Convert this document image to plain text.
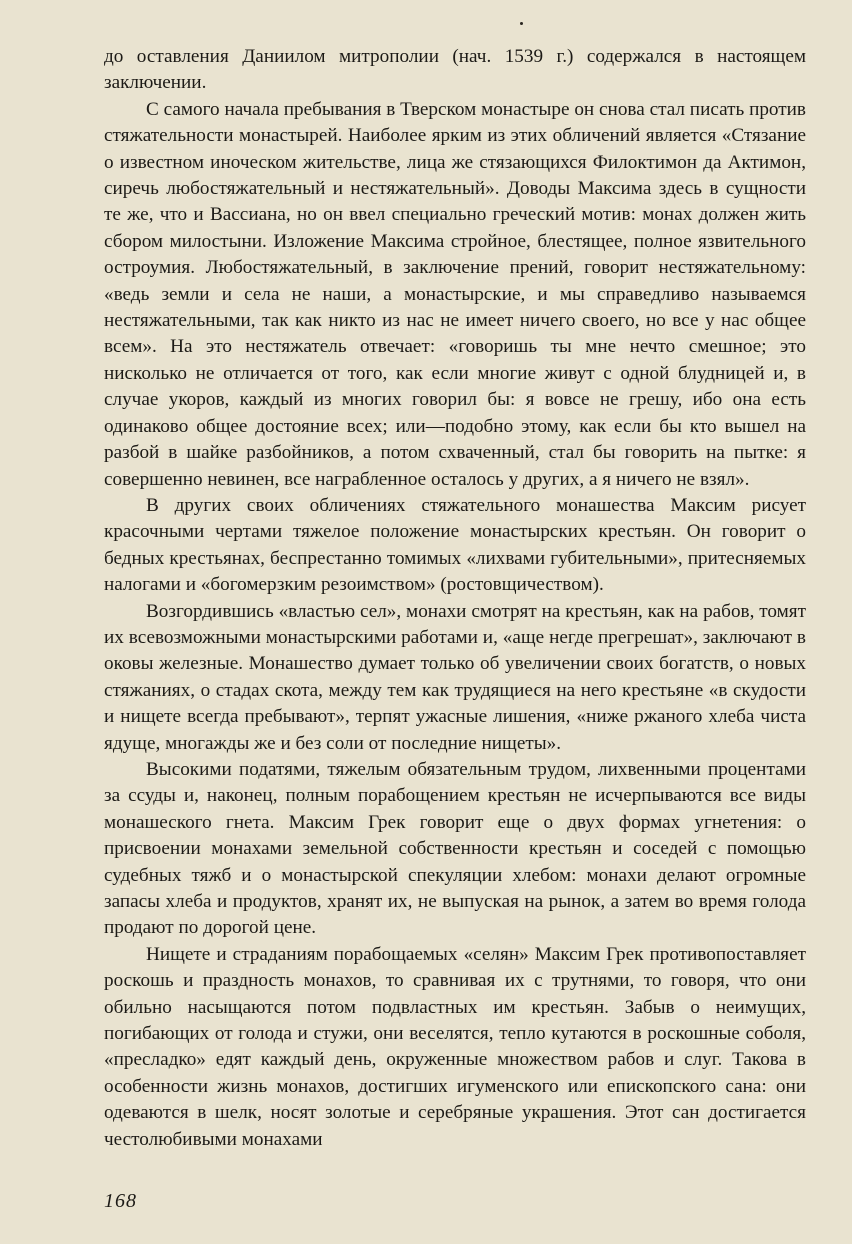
до оставления Даниилом митрополии (нач. 1539 г.) содержался в настоящем заключении.

С самого начала пребывания в Тверском монастыре он снова стал писать против стяжательности монастырей. Наиболее ярким из этих обличений является «Стязание о известном иноческом жительстве, лица же стязающихся Филоктимон да Актимон, сиречь любостяжательный и нестяжательный». Доводы Максима здесь в сущности те же, что и Вассиана, но он ввел специально греческий мотив: монах должен жить сбором милостыни. Изложение Максима стройное, блестящее, полное язвительного остроумия. Любостяжательный, в заключение прений, говорит нестяжательному: «ведь земли и села не наши, а монастырские, и мы справедливо называемся нестяжательными, так как никто из нас не имеет ничего своего, но все у нас общее всем». На это нестяжатель отвечает: «говоришь ты мне нечто смешное; это нисколько не отличается от того, как если многие живут с одной блудницей и, в случае укоров, каждый из многих говорил бы: я вовсе не грешу, ибо она есть одинаково общее достояние всех; или—подобно этому, как если бы кто вышел на разбой в шайке разбойников, а потом схваченный, стал бы говорить на пытке: я совершенно невинен, все награбленное осталось у других, а я ничего не взял».

В других своих обличениях стяжательного монашества Максим рисует красочными чертами тяжелое положение монастырских крестьян. Он говорит о бедных крестьянах, беспрестанно томимых «лихвами губительными», притесняемых налогами и «богомерзким резоимством» (ростовщичеством).

Возгордившись «властью сел», монахи смотрят на крестьян, как на рабов, томят их всевозможными монастырскими работами и, «аще негде прегрешат», заключают в оковы железные. Монашество думает только об увеличении своих богатств, о новых стяжаниях, о стадах скота, между тем как трудящиеся на него крестьяне «в скудости и нищете всегда пребывают», терпят ужасные лишения, «ниже ржаного хлеба чиста ядуще, многажды же и без соли от последние нищеты».

Высокими податями, тяжелым обязательным трудом, лихвенными процентами за ссуды и, наконец, полным порабощением крестьян не исчерпываются все виды монашеского гнета. Максим Грек говорит еще о двух формах угнетения: о присвоении монахами земельной собственности крестьян и соседей с помощью судебных тяжб и о монастырской спекуляции хлебом: монахи делают огромные запасы хлеба и продуктов, хранят их, не выпуская на рынок, а затем во время голода продают по дорогой цене.

Нищете и страданиям порабощаемых «селян» Максим Грек противопоставляет роскошь и праздность монахов, то сравнивая их с трутнями, то говоря, что они обильно насыщаются потом подвластных им крестьян. Забыв о неимущих, погибающих от голода и стужи, они веселятся, тепло кутаются в роскошные соболя, «преcладко» едят каждый день, окруженные множеством рабов и слуг. Такова в особенности жизнь монахов, достигших игуменского или епископского сана: они одеваются в шелк, носят золотые и серебряные украшения. Этот сан достигается честолюбивыми монахами

168
